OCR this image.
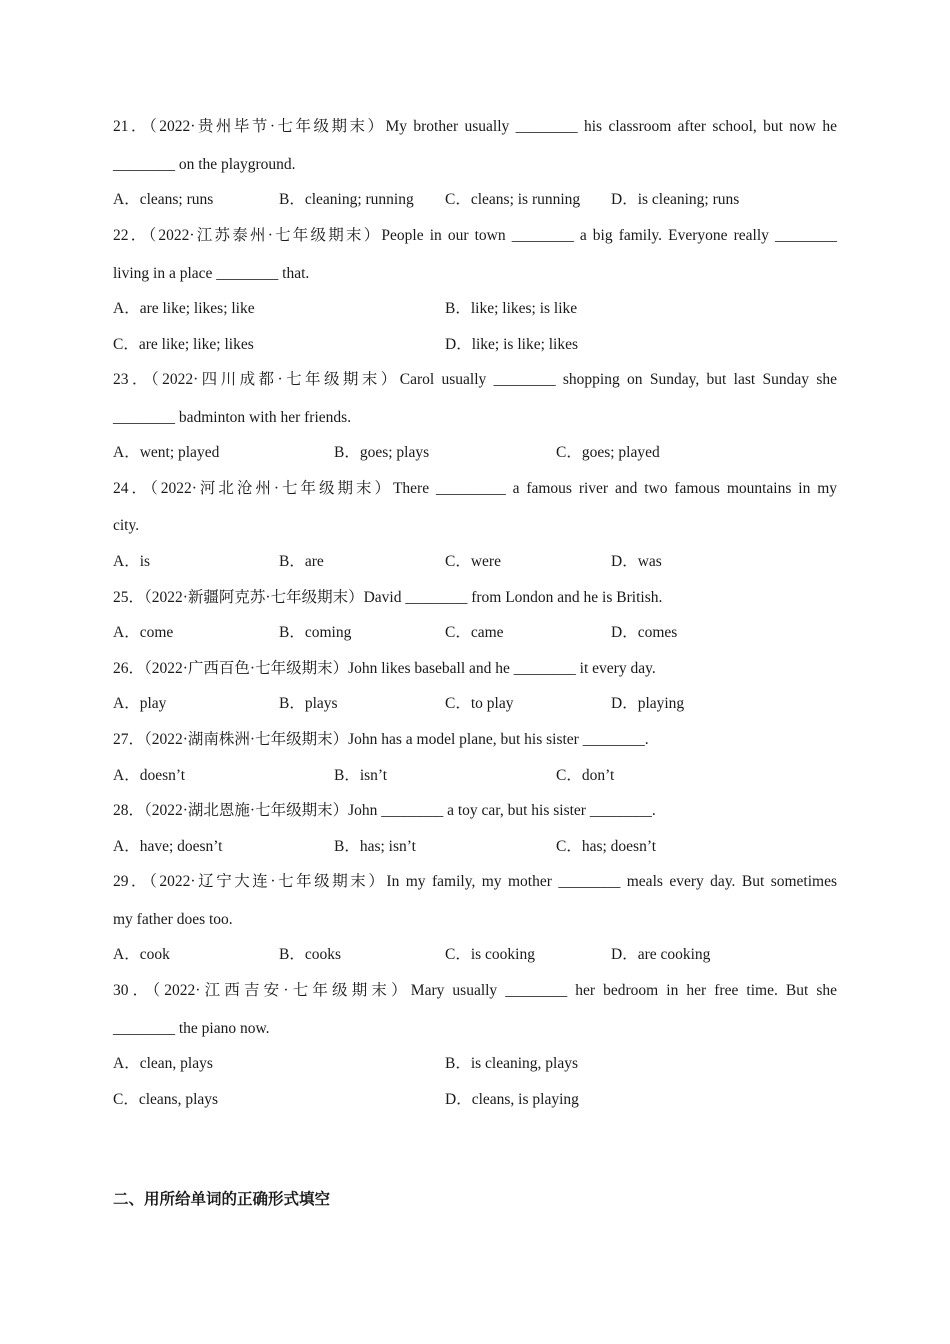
21．（2022·贵州毕节·七年级期末）My brother usually ________ his classroom after school, but now he
________ on the playground.
A．cleans; runs	B．cleaning; running C．cleans; is running D．is cleaning; runs
22．（2022·江苏泰州·七年级期末）People in our town ________ a big family. Everyone really ________
living in a place ________ that.
A．are like; likes; like	B．like; likes; is like
C．are like; like; likes	D．like; is like; likes
23．（2022·四川成都·七年级期末）Carol usually ________ shopping on Sunday, but last Sunday she
________ badminton with her friends.
A．went; played	B．goes; plays	C．goes; played
24．（2022·河北沧州·七年级期末）There _________ a famous river and two famous mountains in my
city.
A．is	B．are	C．were	D．was
25．（2022·新疆阿克苏·七年级期末）David ________ from London and he is British.
A．come	B．coming	C．came	D．comes
26．（2022·广西百色·七年级期末）John likes baseball and he ________ it every day.
A．play	B．plays	C．to play	D．playing
27．（2022·湖南株洲·七年级期末）John has a model plane, but his sister ________.
A．doesn’t	B．isn’t	C．don’t
28．（2022·湖北恩施·七年级期末）John ________ a toy car, but his sister ________.
A．have; doesn’t	B．has; isn’t	C．has; doesn’t
29．（2022·辽宁大连·七年级期末）In my family, my mother ________ meals every day. But sometimes
my father does too.
A．cook	B．cooks	C．is cooking	D．are cooking
30．（2022·江西吉安·七年级期末）Mary usually ________ her bedroom in her free time. But she
________ the piano now.
A．clean, plays	B．is cleaning, plays
C．cleans, plays	D．cleans, is playing
二、用所给单词的正确形式填空
